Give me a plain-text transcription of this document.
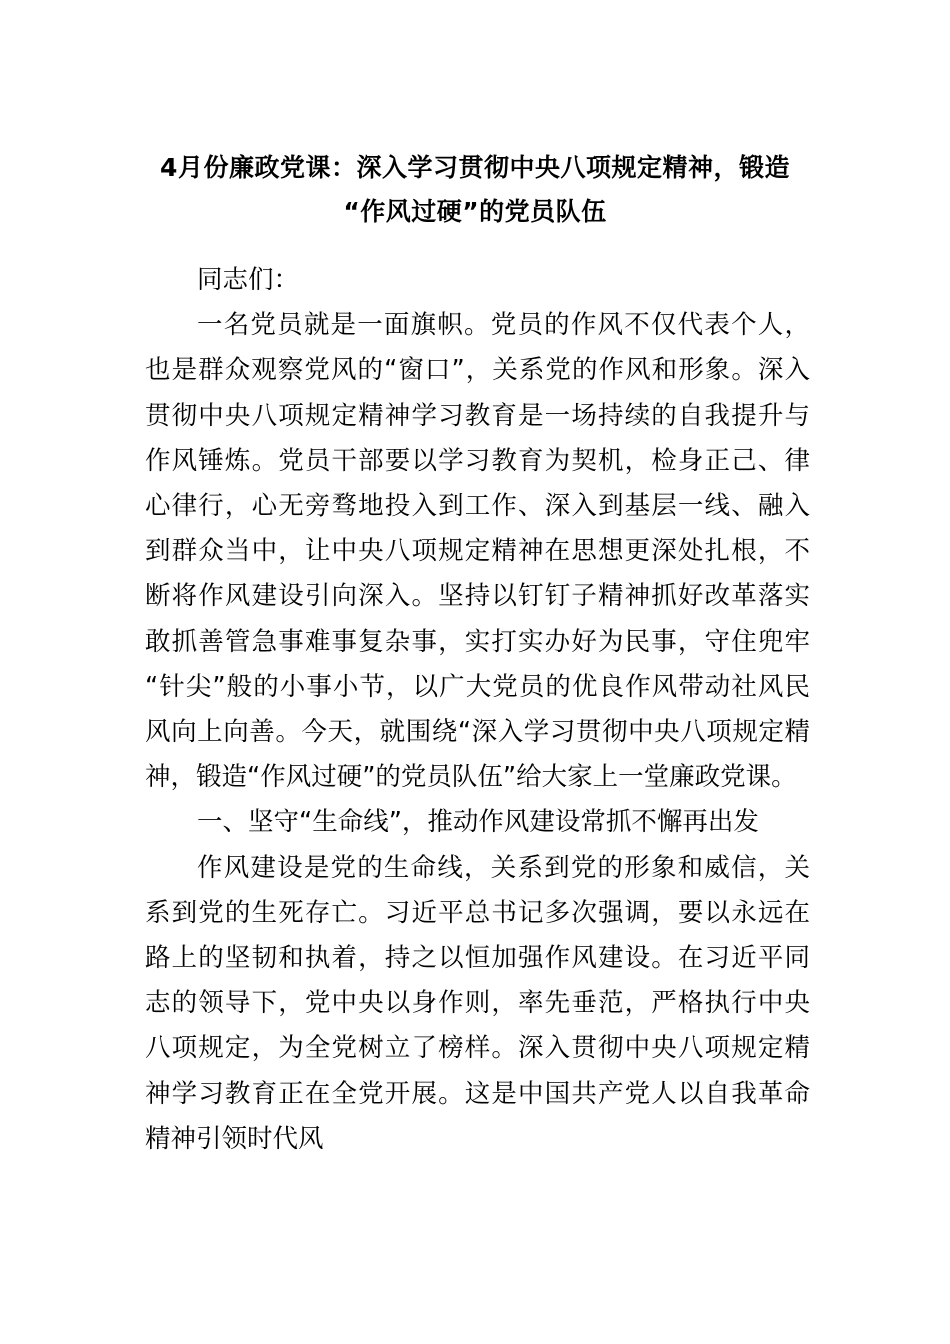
4月份廉政党课：深入学习贯彻中央八项规定精神，锻造
“作风过硬”的党员队伍
同志们：
一名党员就是一面旗帜。党员的作风不仅代表个人，
也是群众观察党风的“窗口”，关系党的作风和形象。深入
贯彻中央八项规定精神学习教育是一场持续的自我提升与
作风锤炼。党员干部要以学习教育为契机，检身正己、律
心律行，心无旁骛地投入到工作、深入到基层一线、融入
到群众当中，让中央八项规定精神在思想更深处扎根，不
断将作风建设引向深入。坚持以钉钉子精神抓好改革落实
敢抓善管急事难事复杂事，实打实办好为民事，守住兜牢
“针尖”般的小事小节，以广大党员的优良作风带动社风民
风向上向善。今天，就围绕“深入学习贯彻中央八项规定精
神，锻造“作风过硬”的党员队伍”给大家上一堂廉政党课。
一、坚守“生命线”，推动作风建设常抓不懈再出发
作风建设是党的生命线，关系到党的形象和威信，关
系到党的生死存亡。习近平总书记多次强调，要以永远在
路上的坚韧和执着，持之以恒加强作风建设。在习近平同
志的领导下，党中央以身作则，率先垂范，严格执行中央
八项规定，为全党树立了榜样。深入贯彻中央八项规定精
神学习教育正在全党开展。这是中国共产党人以自我革命
精神引领时代风
